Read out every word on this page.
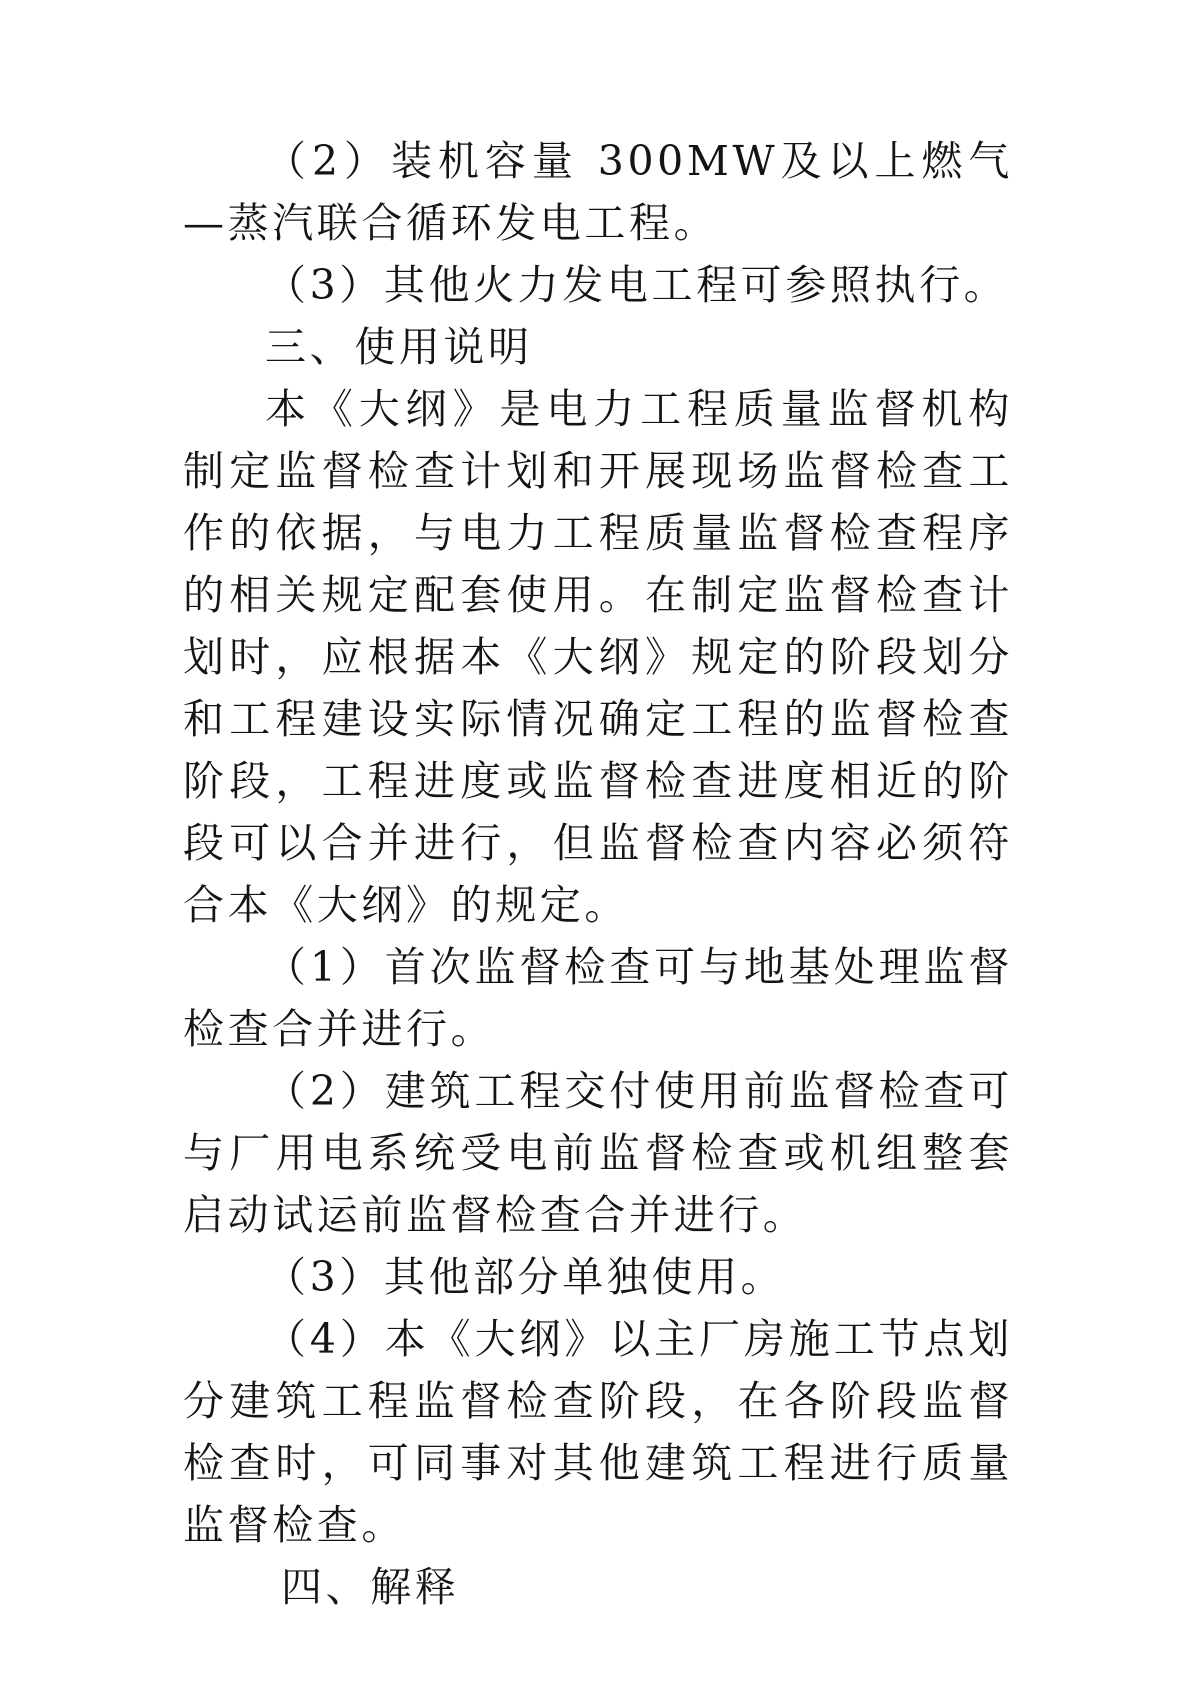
（2）装机容量 300MW及以上燃气—蒸汽联合循环发电工程。

（3）其他火力发电工程可参照执行。

三、使用说明

本《大纲》是电力工程质量监督机构制定监督检查计划和开展现场监督检查工作的依据，与电力工程质量监督检查程序的相关规定配套使用。在制定监督检查计划时，应根据本《大纲》规定的阶段划分和工程建设实际情况确定工程的监督检查阶段，工程进度或监督检查进度相近的阶段可以合并进行，但监督检查内容必须符合本《大纲》的规定。

（1）首次监督检查可与地基处理监督检查合并进行。

（2）建筑工程交付使用前监督检查可与厂用电系统受电前监督检查或机组整套启动试运前监督检查合并进行。

（3）其他部分单独使用。

（4）本《大纲》以主厂房施工节点划分建筑工程监督检查阶段，在各阶段监督检查时，可同事对其他建筑工程进行质量监督检查。

四、解释
